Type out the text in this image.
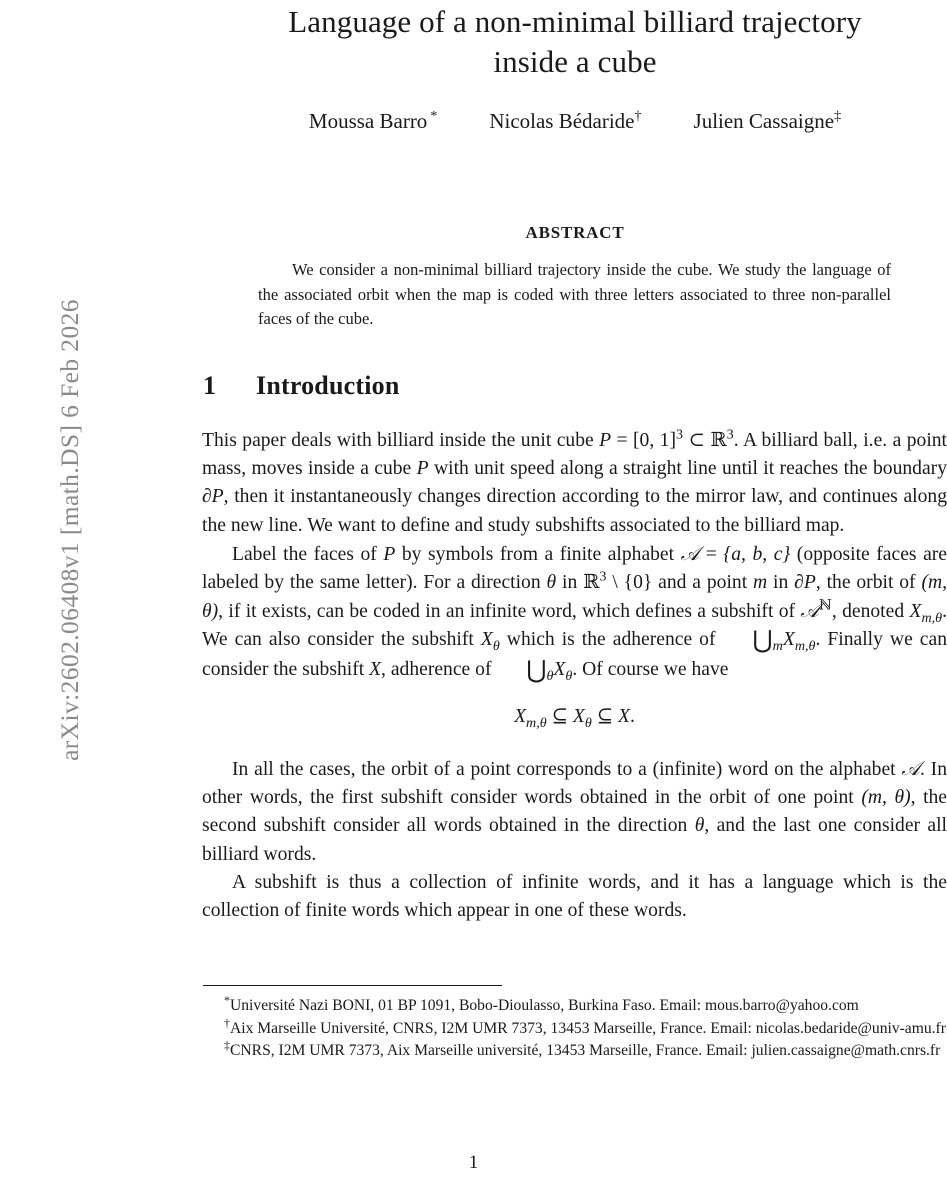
arXiv:2602.06408v1 [math.DS] 6 Feb 2026
Language of a non-minimal billiard trajectory
inside a cube
Moussa Barro * Nicolas Bédaride† Julien Cassaigne‡
ABSTRACT
We consider a non-minimal billiard trajectory inside the cube. We study the language of the associated orbit when the map is coded with three letters associated to three non-parallel faces of the cube.
1 Introduction

This paper deals with billiard inside the unit cube P = [0, 1]$^3$ ⊂ ℝ$^3$. A billiard ball, i.e. a point mass, moves inside a cube P with unit speed along a straight line until it reaches the boundary ∂P, then it instantaneously changes direction according to the mirror law, and continues along the new line. We want to define and study subshifts associated to the billiard map.

Label the faces of P by symbols from a finite alphabet 𝒜 = {a, b, c} (opposite faces are labeled by the same letter). For a direction θ in ℝ$^3$ \ {0} and a point m in ∂P, the orbit of (m, θ), if it exists, can be coded in an infinite word, which defines a subshift of 𝒜$^ℕ$, denoted $X_{m,\theta}$. We can also consider the subshift $X_\theta$ which is the adherence of $⋃_mX_{m,\theta}$. Finally we can consider the subshift X, adherence of $⋃_\theta X_\theta$. Of course we have

$X_{m,\theta}$ ⊆ $X_\theta$ ⊆ X.

In all the cases, the orbit of a point corresponds to a (infinite) word on the alphabet 𝒜. In other words, the first subshift consider words obtained in the orbit of one point (m, θ), the second subshift consider all words obtained in the direction θ, and the last one consider all billiard words.

A subshift is thus a collection of infinite words, and it has a language which is the collection of finite words which appear in one of these words.

*Université Nazi BONI, 01 BP 1091, Bobo-Dioulasso, Burkina Faso. Email: mous.barro@yahoo.com

†Aix Marseille Université, CNRS, I2M UMR 7373, 13453 Marseille, France. Email: nicolas.bedaride@univ-amu.fr

‡CNRS, I2M UMR 7373, Aix Marseille université, 13453 Marseille, France. Email: julien.cassaigne@math.cnrs.fr

1
